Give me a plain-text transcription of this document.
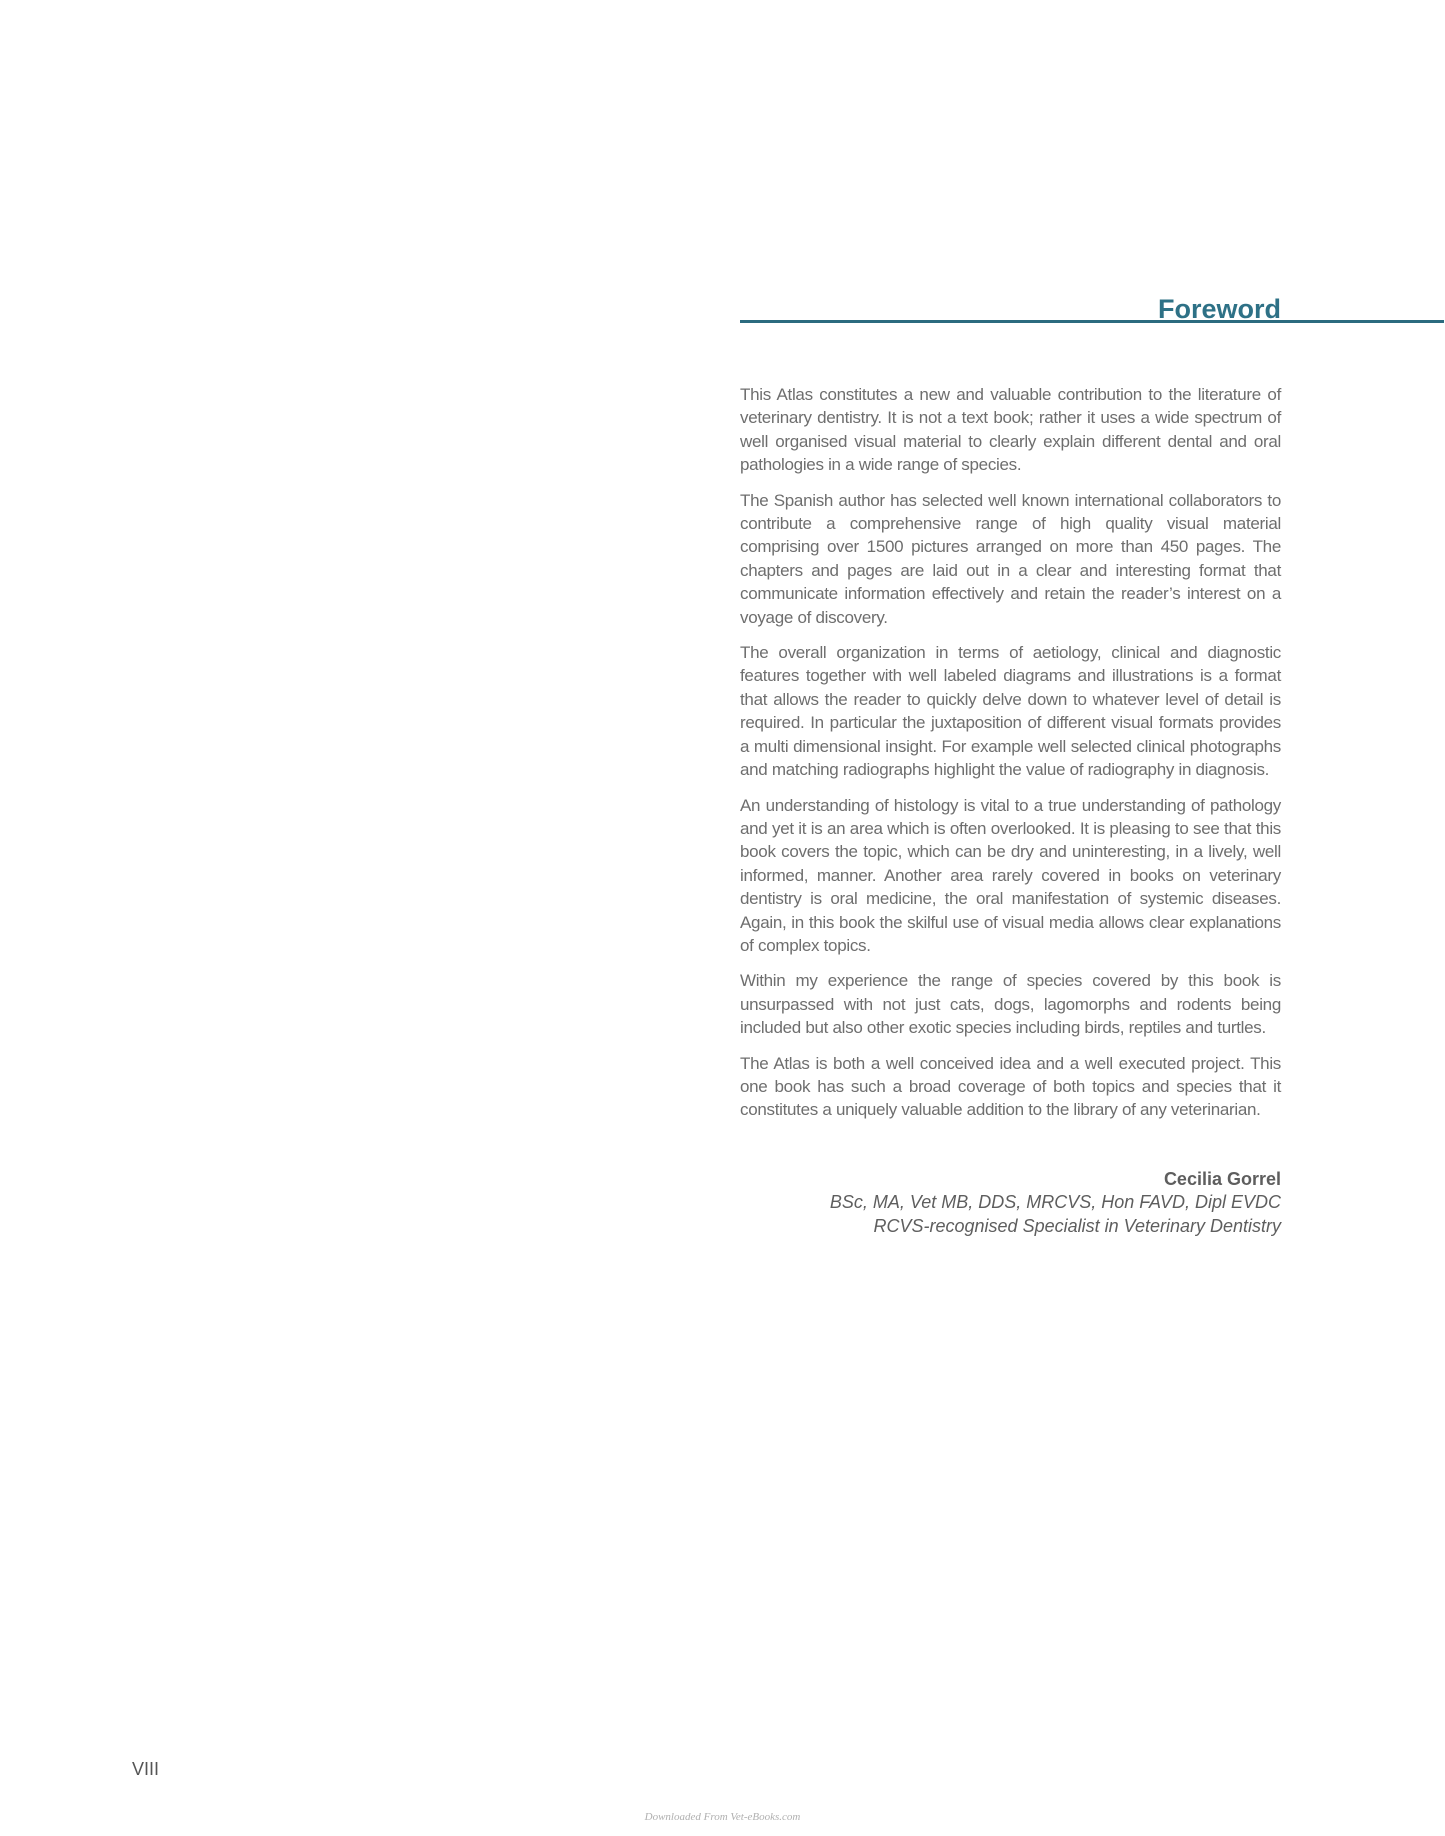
Foreword

This Atlas constitutes a new and valuable contribution to the literature of veterinary dentistry. It is not a text book; rather it uses a wide spectrum of well organised visual material to clearly explain different dental and oral pathologies in a wide range of species.

The Spanish author has selected well known international collaborators to contribute a comprehensive range of high quality visual material comprising over 1500 pictures arranged on more than 450 pages. The chapters and pages are laid out in a clear and interesting format that communicate information effectively and retain the reader’s interest on a voyage of discovery.

The overall organization in terms of aetiology, clinical and diagnostic features together with well labeled diagrams and illustrations is a format that allows the reader to quickly delve down to whatever level of detail is required. In particular the juxtaposition of different visual formats provides a multi dimensional insight. For example well selected clinical photographs and matching radiographs highlight the value of radiography in diagnosis.

An understanding of histology is vital to a true understanding of pathology and yet it is an area which is often overlooked. It is pleasing to see that this book covers the topic, which can be dry and uninteresting, in a lively, well informed, manner. Another area rarely covered in books on veterinary dentistry is oral medicine, the oral manifestation of systemic diseases. Again, in this book the skilful use of visual media allows clear explanations of complex topics.

Within my experience the range of species covered by this book is unsurpassed with not just cats, dogs, lagomorphs and rodents being included but also other exotic species including birds, reptiles and turtles.

The Atlas is both a well conceived idea and a well executed project. This one book has such a broad coverage of both topics and species that it constitutes a uniquely valuable addition to the library of any veterinarian.

Cecilia Gorrel
BSc, MA, Vet MB, DDS, MRCVS, Hon FAVD, Dipl EVDC
RCVS-recognised Specialist in Veterinary Dentistry
VIII
Downloaded From Vet-eBooks.com
